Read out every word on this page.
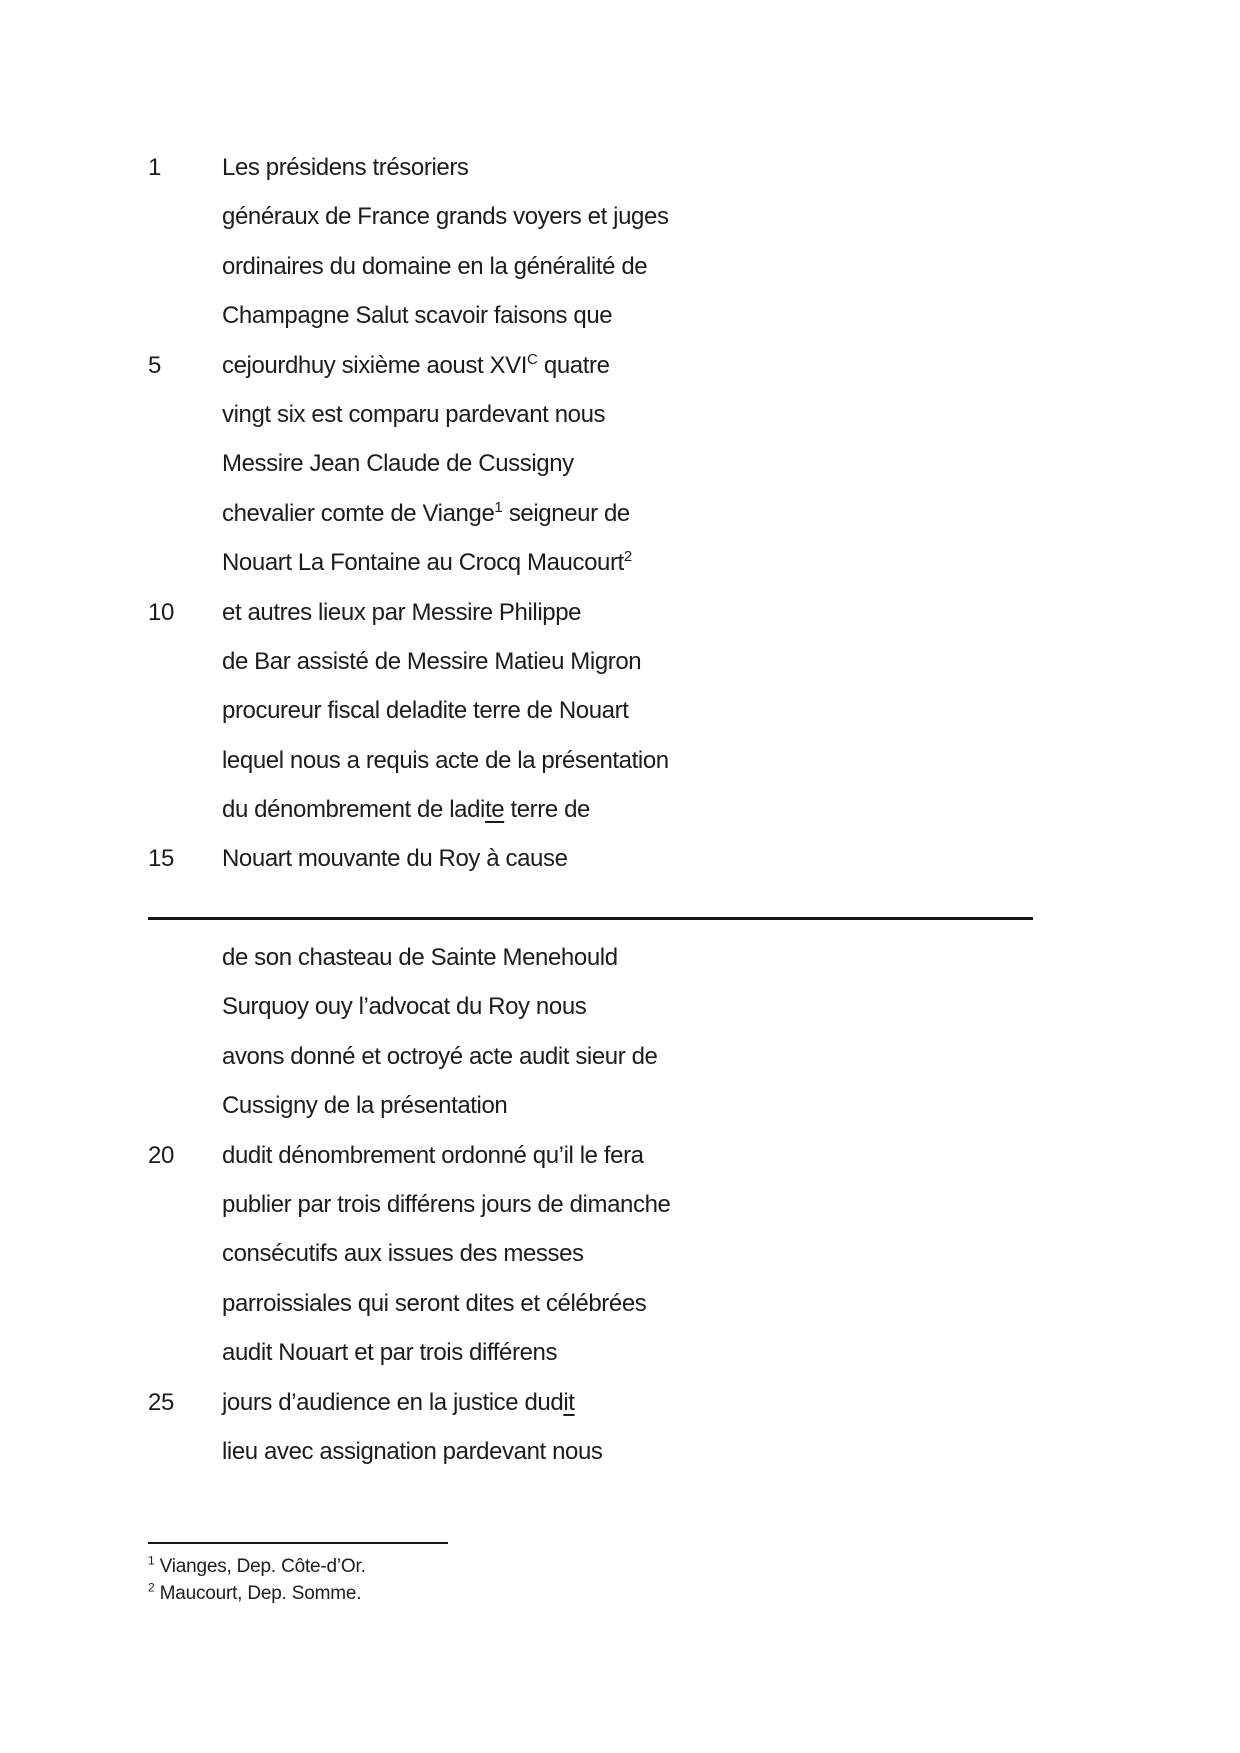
1	Les présidens trésoriers
généraux de France grands voyers et juges
ordinaires du domaine en la généralité de
Champagne Salut scavoir faisons que
5	cejourdhuy sixième aoust $XVI^C$ quatre
vingt six est comparu pardevant nous
Messire Jean Claude de Cussigny
chevalier comte de Viange$^1$ seigneur de
Nouart La Fontaine au Crocq Maucourt$^2$
10 et autres lieux par Messire Philippe
de Bar assisté de Messire Matieu Migron
procureur fiscal deladite terre de Nouart
lequel nous a requis acte de la présentation
du dénombrement de ladite terre de
15 Nouart mouvante du Roy à cause
de son chasteau de Sainte Menehould
Surquoy ouy l’advocat du Roy nous
avons donné et octroyé acte audit sieur de
Cussigny de la présentation
20 dudit dénombrement ordonné qu’il le fera
publier par trois différens jours de dimanche
consécutifs aux issues des messes
parroissiales qui seront dites et célébrées
audit Nouart et par trois différens
25 jours d’audience en la justice dudit
lieu avec assignation pardevant nous
$^1$ Vianges, Dep. Côte-d’Or.
$^2$ Maucourt, Dep. Somme.
